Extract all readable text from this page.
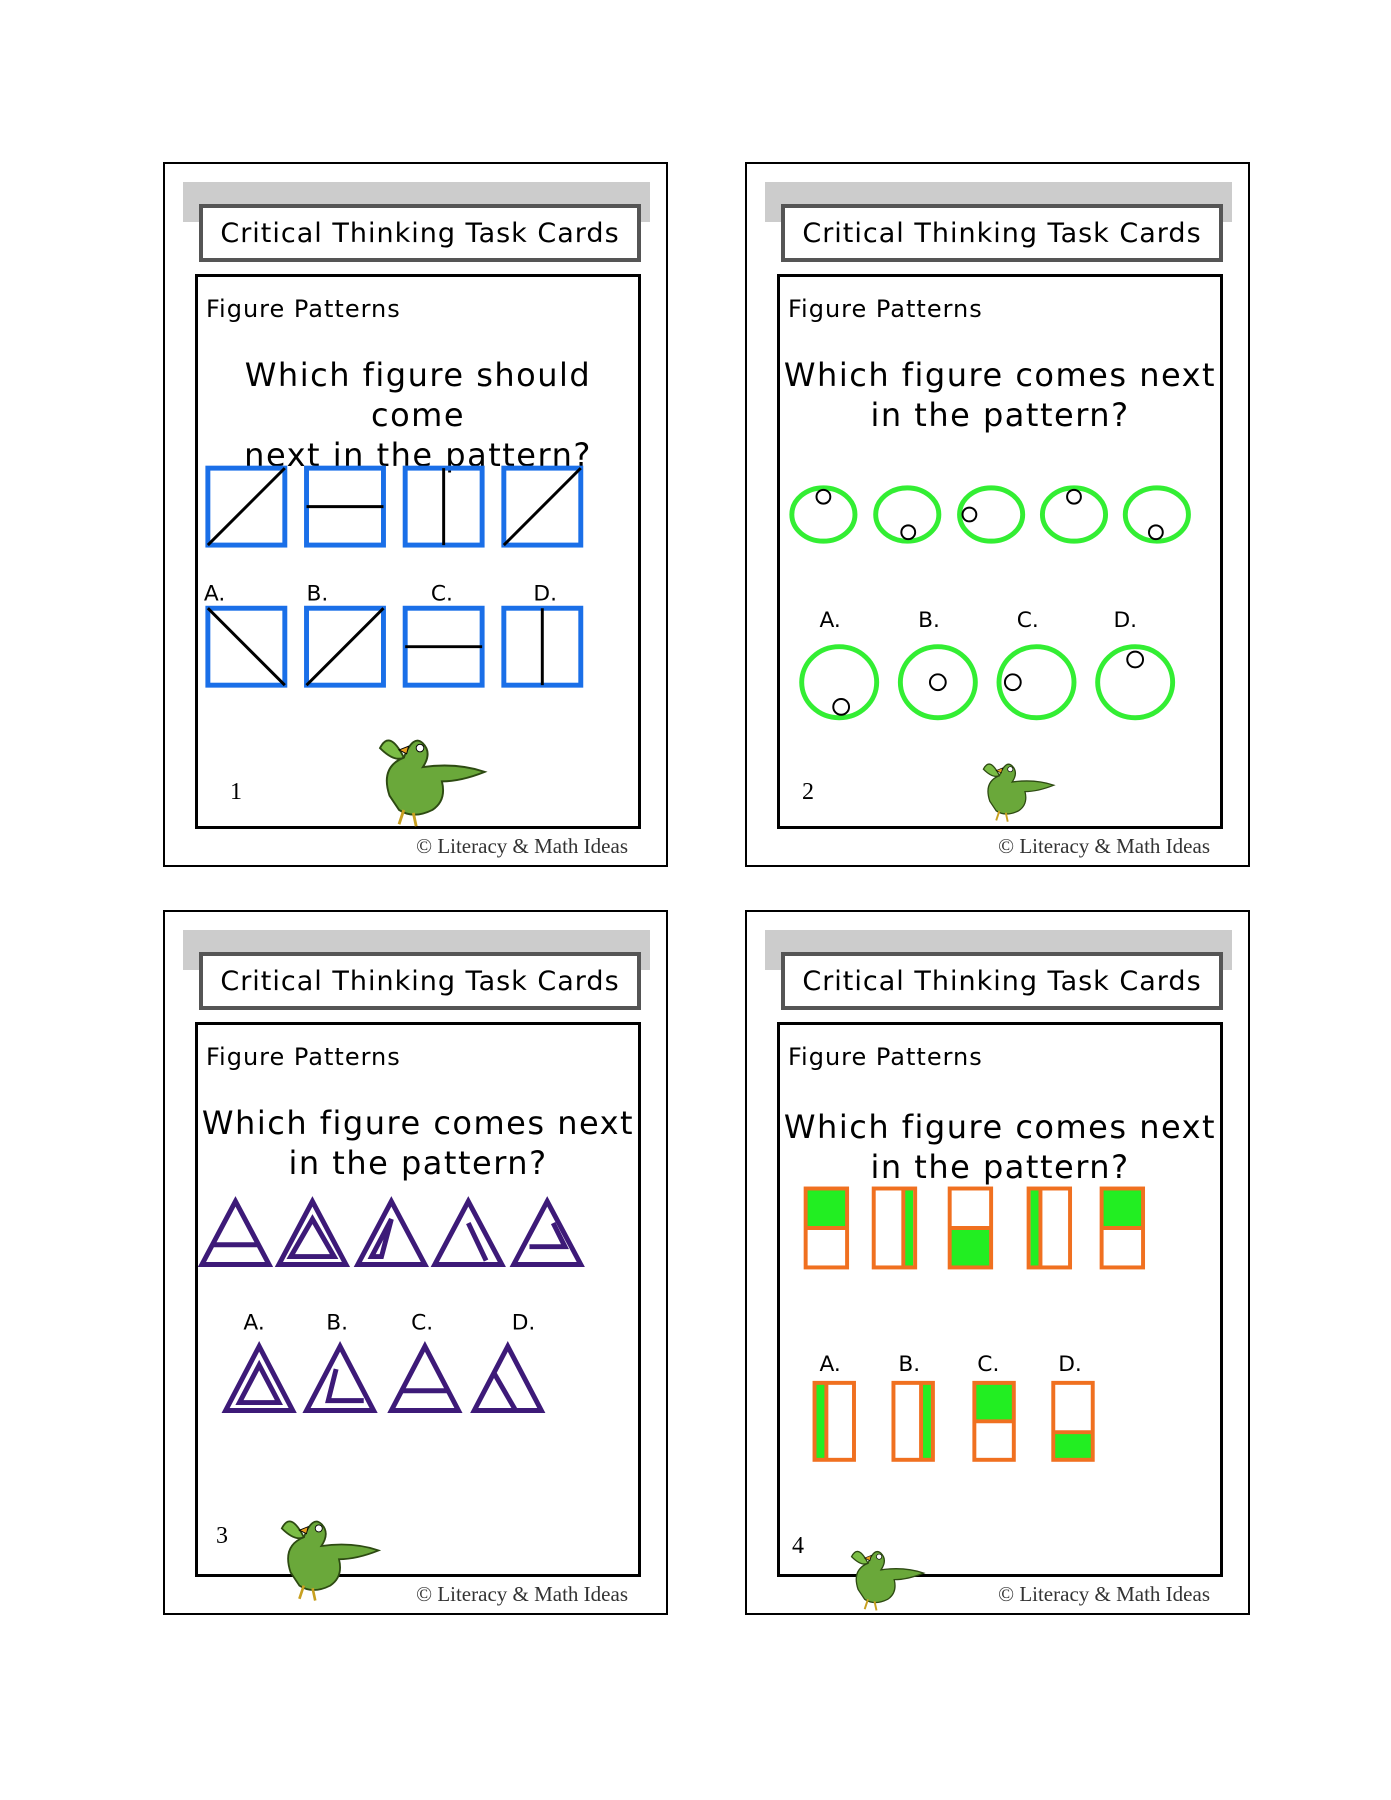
Critical Thinking Task Cards
Figure Patterns
Which figure should come
next in the pattern?
A.	B.	C.	D.
1
© Literacy & Math Ideas
Critical Thinking Task Cards
Figure Patterns
Which figure comes next
in the pattern?
A.	B.	C.	D.
2
© Literacy & Math Ideas
Critical Thinking Task Cards
Figure Patterns
Which figure comes next
in the pattern?
A.	B.	C.	D.
3
© Literacy & Math Ideas
Critical Thinking Task Cards
Figure Patterns
Which figure comes next
in the pattern?
A.	B.	C.	D.
4
© Literacy & Math Ideas
